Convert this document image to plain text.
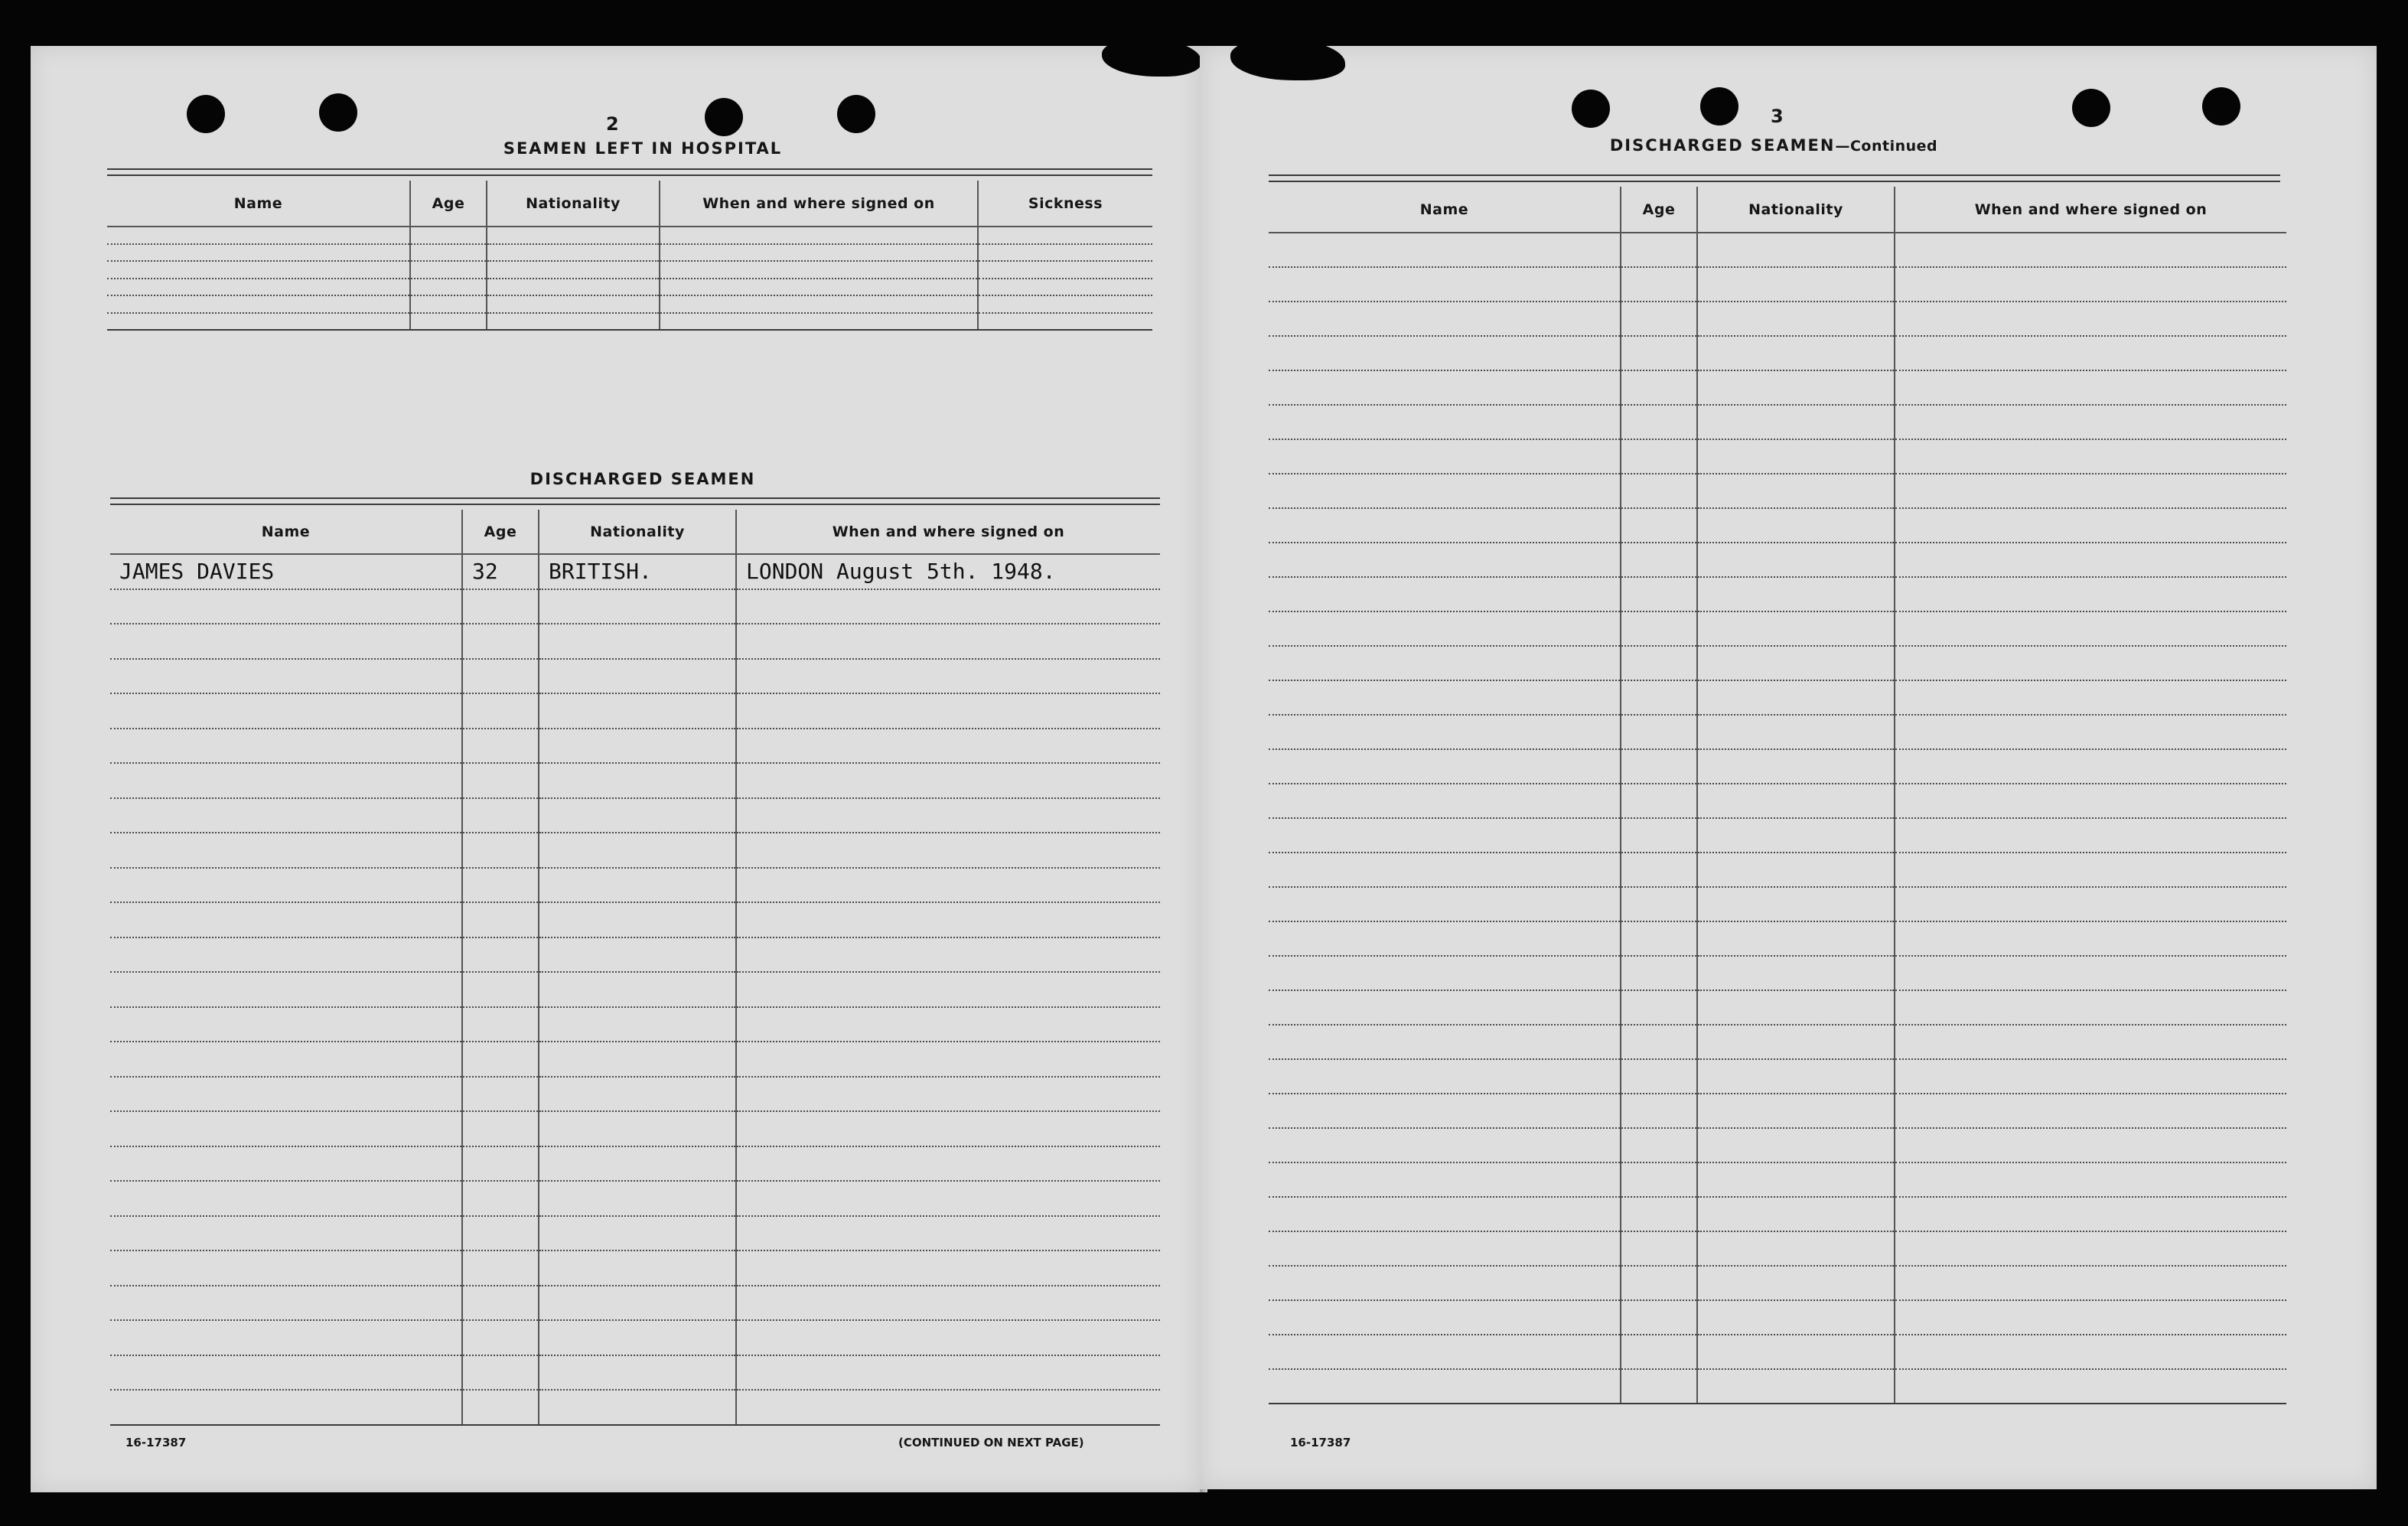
2
SEAMEN LEFT IN HOSPITAL
Name	Age	Nationality	When and where signed on	Sickness

DISCHARGED SEAMEN
Name	Age	Nationality	When and where signed on
JAMES DAVIES	32	BRITISH.	LONDON August 5th. 1948.

16-17387	(CONTINUED ON NEXT PAGE)
3
DISCHARGED SEAMEN—Continued
Name	Age	Nationality	When and where signed on

16-17387
